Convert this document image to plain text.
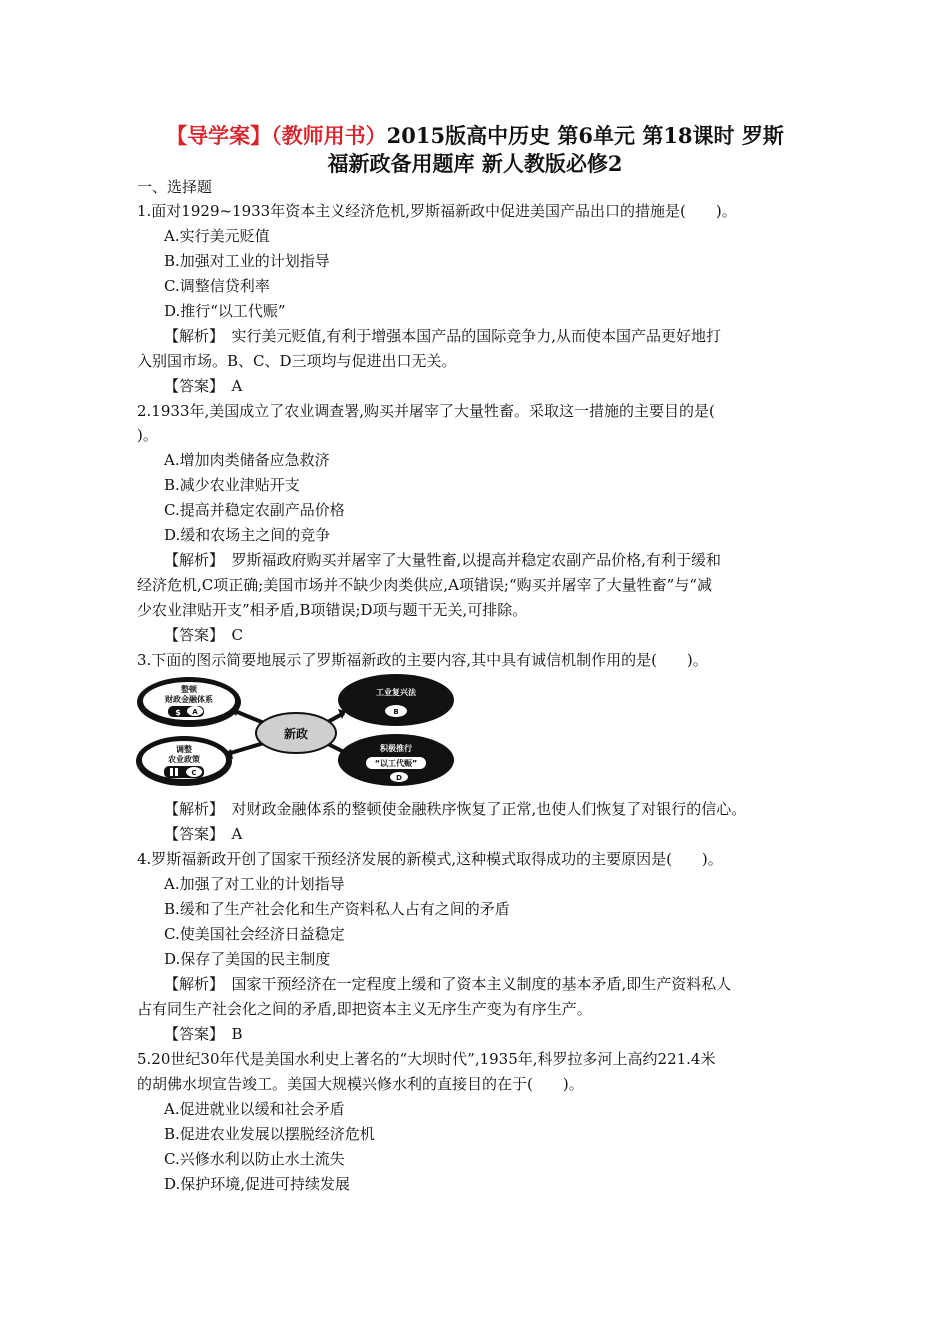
【导学案】（教师用书）2015版高中历史 第6单元 第18课时 罗斯
福新政备用题库 新人教版必修2
一、选择题
1.面对1929~1933年资本主义经济危机,罗斯福新政中促进美国产品出口的措施是(　　)。
A.实行美元贬值
B.加强对工业的计划指导
C.调整信贷利率
D.推行“以工代赈”
【解析】　实行美元贬值,有利于增强本国产品的国际竞争力,从而使本国产品更好地打
入别国市场。B、C、D三项均与促进出口无关。
【答案】　A
2.1933年,美国成立了农业调查署,购买并屠宰了大量牲畜。采取这一措施的主要目的是(
)。
A.增加肉类储备应急救济
B.减少农业津贴开支
C.提高并稳定农副产品价格
D.缓和农场主之间的竞争
【解析】　罗斯福政府购买并屠宰了大量牲畜,以提高并稳定农副产品价格,有利于缓和
经济危机,C项正确;美国市场并不缺少肉类供应,A项错误;“购买并屠宰了大量牲畜”与“减
少农业津贴开支”相矛盾,B项错误;D项与题干无关,可排除。
【答案】　C
3.下面的图示简要地展示了罗斯福新政的主要内容,其中具有诚信机制作用的是(　　)。
整顿
财政金融体系
$ A
工业复兴法
B
新政
调整
农业政策
C
积极推行
“以工代赈”
D
【解析】　对财政金融体系的整顿使金融秩序恢复了正常,也使人们恢复了对银行的信心。
【答案】　A
4.罗斯福新政开创了国家干预经济发展的新模式,这种模式取得成功的主要原因是(　　)。
A.加强了对工业的计划指导
B.缓和了生产社会化和生产资料私人占有之间的矛盾
C.使美国社会经济日益稳定
D.保存了美国的民主制度
【解析】　国家干预经济在一定程度上缓和了资本主义制度的基本矛盾,即生产资料私人
占有同生产社会化之间的矛盾,即把资本主义无序生产变为有序生产。
【答案】　B
5.20世纪30年代是美国水利史上著名的“大坝时代”,1935年,科罗拉多河上高约221.4米
的胡佛水坝宣告竣工。美国大规模兴修水利的直接目的在于(　　)。
A.促进就业以缓和社会矛盾
B.促进农业发展以摆脱经济危机
C.兴修水利以防止水土流失
D.保护环境,促进可持续发展
